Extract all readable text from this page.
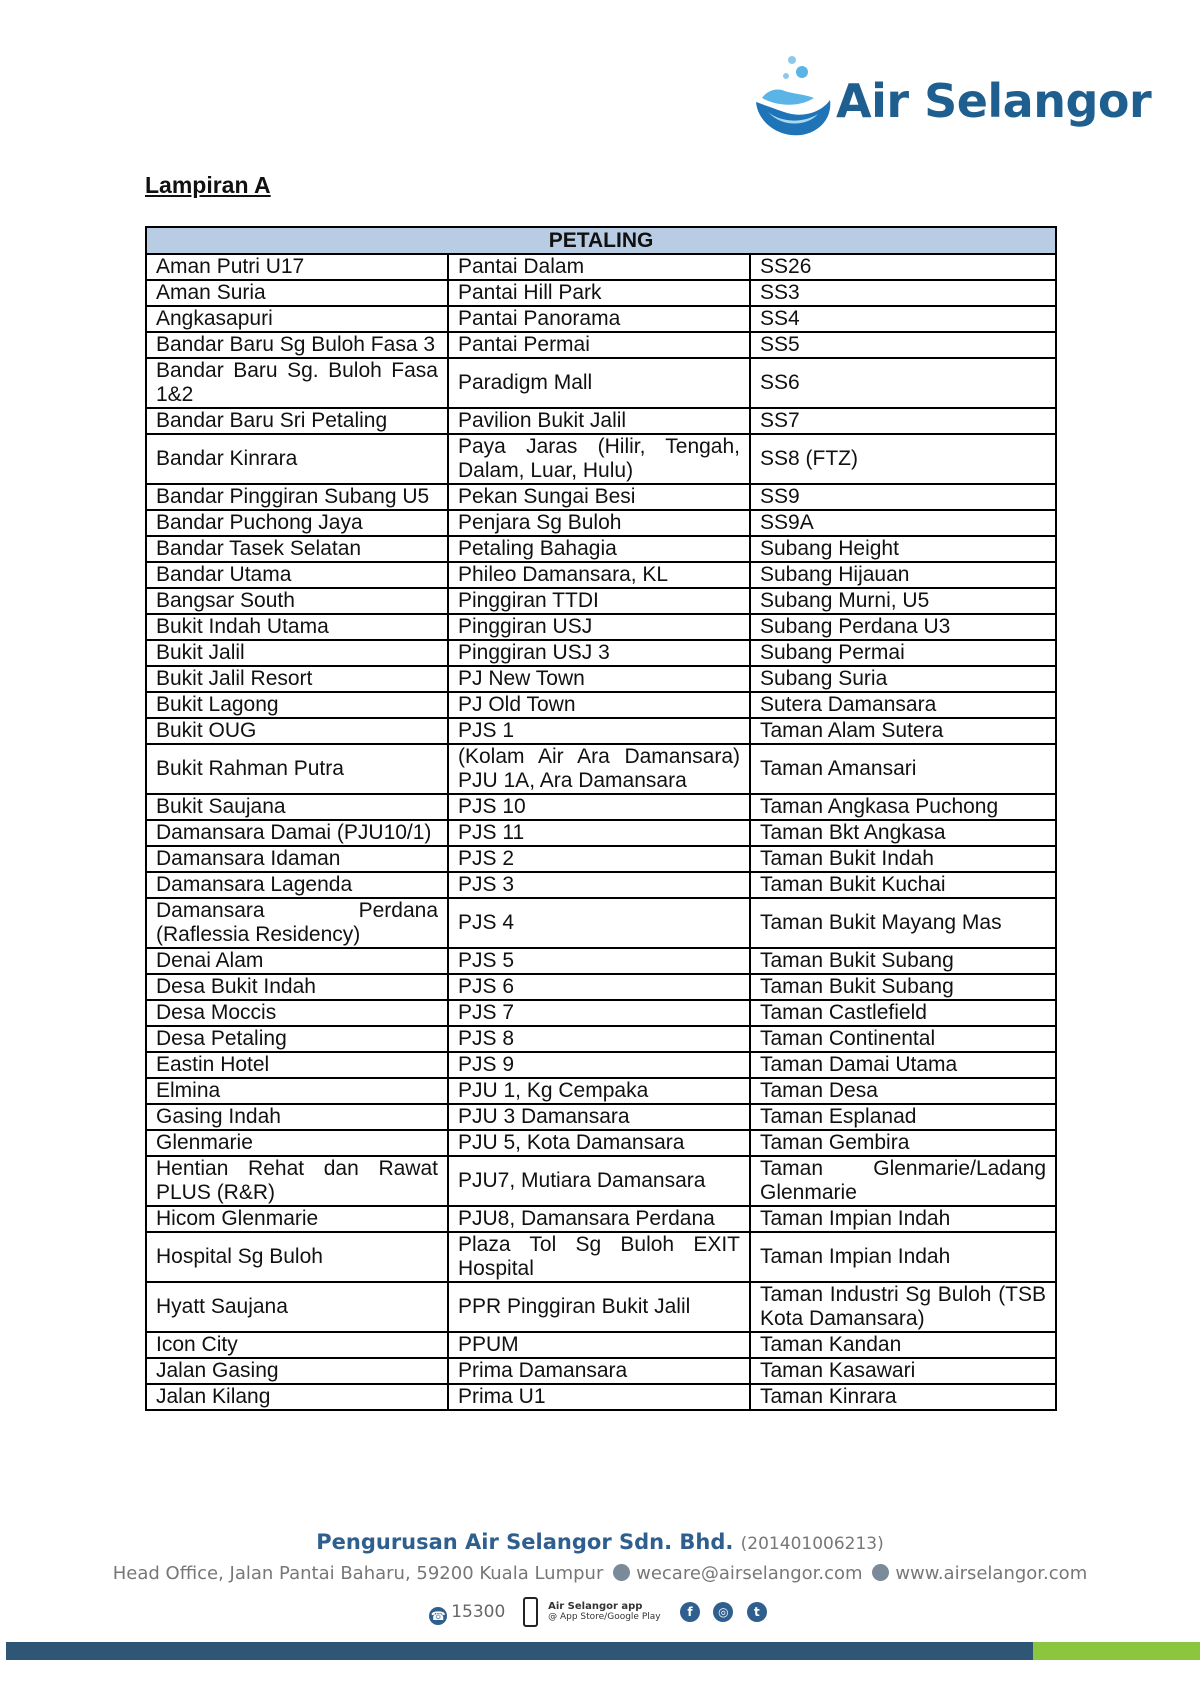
Air Selangor
Lampiran A
PETALING		
Aman Putri U17	Pantai Dalam	SS26
Aman Suria	Pantai Hill Park	SS3
Angkasapuri	Pantai Panorama	SS4
Bandar Baru Sg Buloh Fasa 3	Pantai Permai	SS5
Bandar Baru Sg. Buloh Fasa 1&2	Paradigm Mall	SS6
Bandar Baru Sri Petaling	Pavilion Bukit Jalil	SS7
Bandar Kinrara	Paya Jaras (Hilir, Tengah, Dalam, Luar, Hulu)	SS8 (FTZ)
Bandar Pinggiran Subang U5	Pekan Sungai Besi	SS9
Bandar Puchong Jaya	Penjara Sg Buloh	SS9A
Bandar Tasek Selatan	Petaling Bahagia	Subang Height
Bandar Utama	Phileo Damansara, KL	Subang Hijauan
Bangsar South	Pinggiran TTDI	Subang Murni, U5
Bukit Indah Utama	Pinggiran USJ	Subang Perdana U3
Bukit Jalil	Pinggiran USJ 3	Subang Permai
Bukit Jalil Resort	PJ New Town	Subang Suria
Bukit Lagong	PJ Old Town	Sutera Damansara
Bukit OUG	PJS 1	Taman Alam Sutera
Bukit Rahman Putra	(Kolam Air Ara Damansara) PJU 1A, Ara Damansara	Taman Amansari
Bukit Saujana	PJS 10	Taman Angkasa Puchong
Damansara Damai (PJU10/1)	PJS 11	Taman Bkt Angkasa
Damansara Idaman	PJS 2	Taman Bukit Indah
Damansara Lagenda	PJS 3	Taman Bukit Kuchai
Damansara Perdana (Raflessia Residency)	PJS 4	Taman Bukit Mayang Mas
Denai Alam	PJS 5	Taman Bukit Subang
Desa Bukit Indah	PJS 6	Taman Bukit Subang
Desa Moccis	PJS 7	Taman Castlefield
Desa Petaling	PJS 8	Taman Continental
Eastin Hotel	PJS 9	Taman Damai Utama
Elmina	PJU 1, Kg Cempaka	Taman Desa
Gasing Indah	PJU 3 Damansara	Taman Esplanad
Glenmarie	PJU 5, Kota Damansara	Taman Gembira
Hentian Rehat dan Rawat PLUS (R&R)	PJU7, Mutiara Damansara	Taman Glenmarie/Ladang Glenmarie
Hicom Glenmarie	PJU8, Damansara Perdana	Taman Impian Indah
Hospital Sg Buloh	Plaza Tol Sg Buloh EXIT Hospital	Taman Impian Indah
Hyatt Saujana	PPR Pinggiran Bukit Jalil	Taman Industri Sg Buloh (TSB Kota Damansara)
Icon City	PPUM	Taman Kandan
Jalan Gasing	Prima Damansara	Taman Kasawari
Jalan Kilang	Prima U1	Taman Kinrara
Pengurusan Air Selangor Sdn. Bhd. (201401006213)
Head Office, Jalan Pantai Baharu, 59200 Kuala Lumpur wecare@airselangor.com www.airselangor.com
☎ 15300	Air Selangor app
@ App Store/Google Play f ◎ t
